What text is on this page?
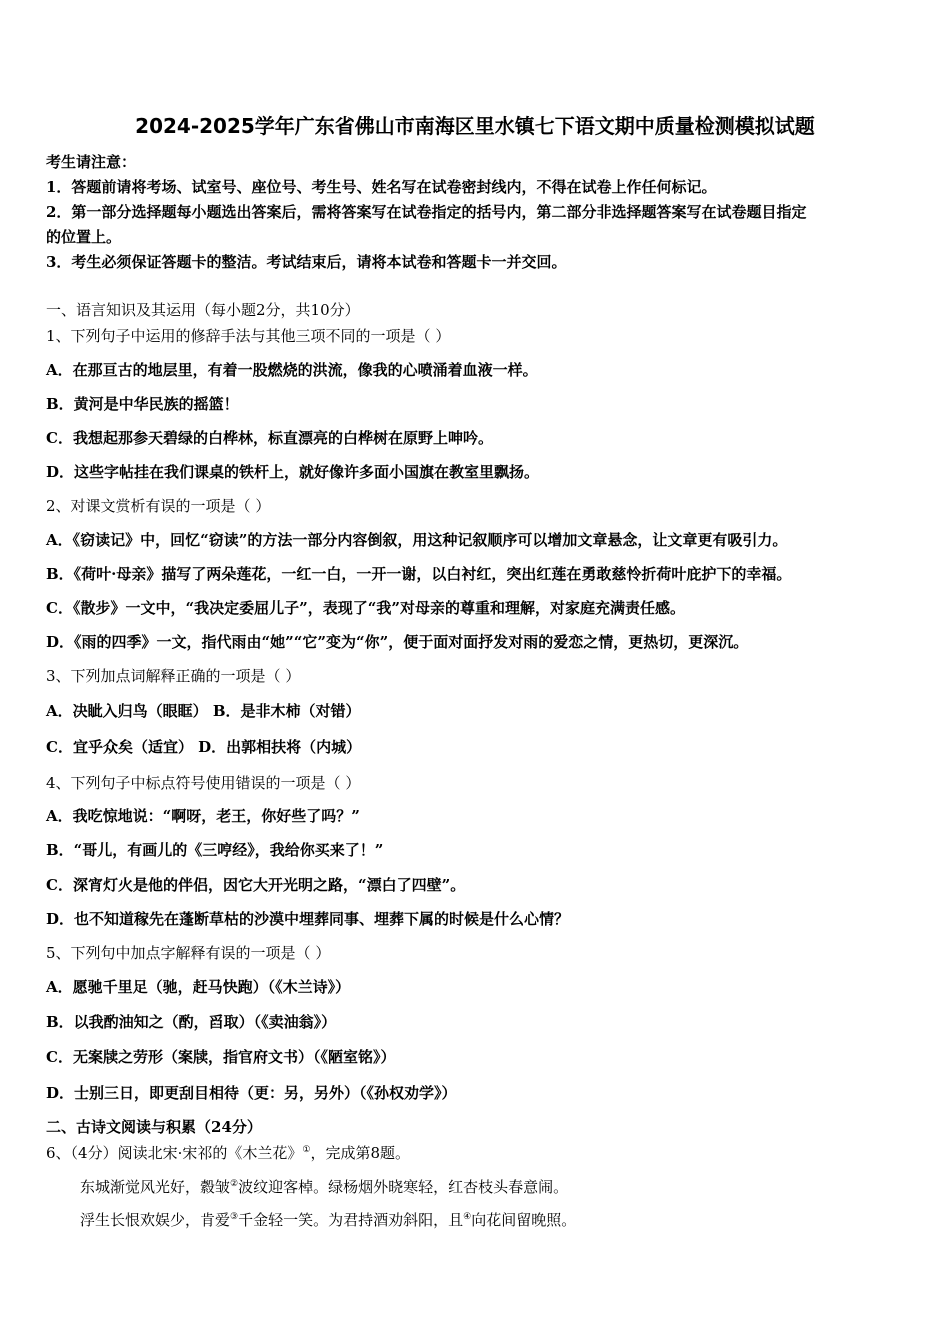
2024-2025学年广东省佛山市南海区里水镇七下语文期中质量检测模拟试题
考生请注意：
1．答题前请将考场、试室号、座位号、考生号、姓名写在试卷密封线内，不得在试卷上作任何标记。
2．第一部分选择题每小题选出答案后，需将答案写在试卷指定的括号内，第二部分非选择题答案写在试卷题目指定
的位置上。
3．考生必须保证答题卡的整洁。考试结束后，请将本试卷和答题卡一并交回。
一、语言知识及其运用（每小题2分，共10分）
1、下列句子中运用的修辞手法与其他三项不同的一项是（ ）
A．在那亘古的地层里，有着一股燃烧的洪流，像我的心喷涌着血液一样。
B．黄河是中华民族的摇篮！
C．我想起那参天碧绿的白桦林，标直漂亮的白桦树在原野上呻吟。
D．这些字帖挂在我们课桌的铁杆上，就好像许多面小国旗在教室里飘扬。
2、对课文赏析有误的一项是（ ）
A．《窃读记》中，回忆“窃读”的方法一部分内容倒叙，用这种记叙顺序可以增加文章悬念，让文章更有吸引力。
B．《荷叶·母亲》描写了两朵莲花，一红一白，一开一谢，以白衬红，突出红莲在勇敢慈怜折荷叶庇护下的幸福。
C．《散步》一文中，“我决定委屈儿子”，表现了“我”对母亲的尊重和理解，对家庭充满责任感。
D．《雨的四季》一文，指代雨由“她”“它”变为“你”，便于面对面抒发对雨的爱恋之情，更热切，更深沉。
3、下列加点词解释正确的一项是（ ）
A．决眦入归鸟（眼眶） B．是非木柿（对错）
C．宜乎众矣（适宜） D．出郭相扶将（内城）
4、下列句子中标点符号使用错误的一项是（ ）
A．我吃惊地说：“啊呀，老王，你好些了吗？”
B．“哥儿，有画儿的《三哼经》，我给你买来了！”
C．深宵灯火是他的伴侣，因它大开光明之路，“漂白了四壁”。
D．也不知道稼先在蓬断草枯的沙漠中埋葬同事、埋葬下属的时候是什么心情？
5、下列句中加点字解释有误的一项是（ ）
A．愿驰千里足（驰，赶马快跑）（《木兰诗》）
B．以我酌油知之（酌，舀取）（《卖油翁》）
C．无案牍之劳形（案牍，指官府文书）（《陋室铭》）
D．士别三日，即更刮目相待（更：另，另外）（《孙权劝学》）
二、古诗文阅读与积累（24分）
6、（4分）阅读北宋·宋祁的《木兰花》①，完成第8题。
东城渐觉风光好，縠皱②波纹迎客棹。绿杨烟外晓寒轻，红杏枝头春意闹。
浮生长恨欢娱少，肯爱③千金轻一笑。为君持酒劝斜阳，且④向花间留晚照。
